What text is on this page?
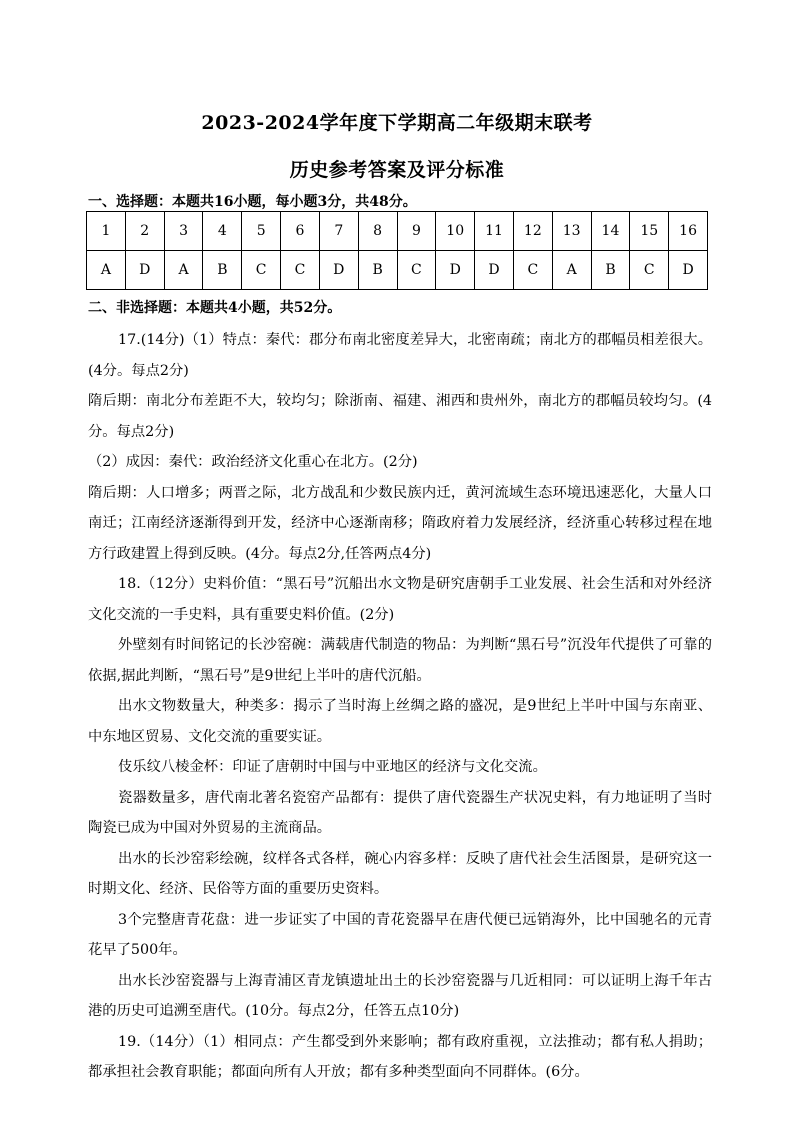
2023-2024学年度下学期高二年级期末联考
历史参考答案及评分标准
一、选择题：本题共16小题，每小题3分，共48分。
1	2	3	4	5	6	7	8	9	10	11	12	13	14	15	16
A	D	A	B	C	C	D	B	C	D	D	C	A	B	C	D
二、非选择题：本题共4小题，共52分。

17.(14分)（1）特点：秦代：郡分布南北密度差异大，北密南疏；南北方的郡幅员相差很大。(4分。每点2分)

隋后期：南北分布差距不大，较均匀；除浙南、福建、湘西和贵州外，南北方的郡幅员较均匀。(4分。每点2分)

（2）成因：秦代：政治经济文化重心在北方。(2分)

隋后期：人口增多；两晋之际，北方战乱和少数民族内迁，黄河流域生态环境迅速恶化，大量人口南迁；江南经济逐渐得到开发，经济中心逐渐南移；隋政府着力发展经济，经济重心转移过程在地方行政建置上得到反映。(4分。每点2分,任答两点4分)

18.（12分）史料价值：“黑石号”沉船出水文物是研究唐朝手工业发展、社会生活和对外经济文化交流的一手史料，具有重要史料价值。(2分)

外壁刻有时间铭记的长沙窑碗：满载唐代制造的物品：为判断“黑石号”沉没年代提供了可靠的依据,据此判断，“黑石号”是9世纪上半叶的唐代沉船。

出水文物数量大，种类多：揭示了当时海上丝绸之路的盛况，是9世纪上半叶中国与东南亚、中东地区贸易、文化交流的重要实证。

伎乐纹八棱金杯：印证了唐朝时中国与中亚地区的经济与文化交流。

瓷器数量多，唐代南北著名瓷窑产品都有：提供了唐代瓷器生产状况史料，有力地证明了当时陶瓷已成为中国对外贸易的主流商品。

出水的长沙窑彩绘碗，纹样各式各样，碗心内容多样：反映了唐代社会生活图景，是研究这一时期文化、经济、民俗等方面的重要历史资料。

3个完整唐青花盘：进一步证实了中国的青花瓷器早在唐代便已远销海外，比中国驰名的元青花早了500年。

出水长沙窑瓷器与上海青浦区青龙镇遗址出土的长沙窑瓷器与几近相同：可以证明上海千年古港的历史可追溯至唐代。(10分。每点2分，任答五点10分)

19.（14分）（1）相同点：产生都受到外来影响；都有政府重视，立法推动；都有私人捐助；都承担社会教育职能；都面向所有人开放；都有多种类型面向不同群体。(6分。
